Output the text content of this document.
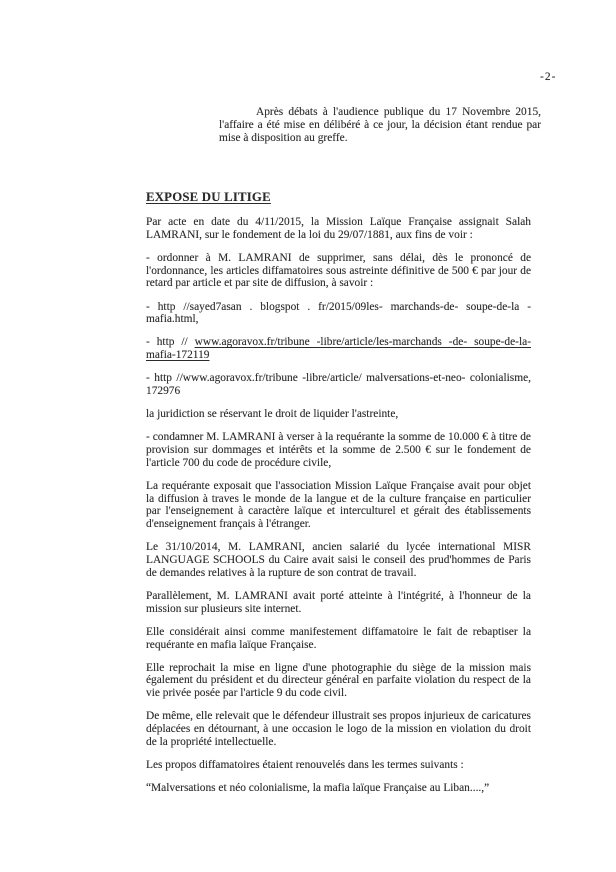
-2-

Après débats à l'audience publique du 17 Novembre 2015, l'affaire a été mise en délibéré à ce jour, la décision étant rendue par mise à disposition au greffe.

EXPOSE DU LITIGE

Par acte en date du 4/11/2015, la Mission Laïque Française assignait Salah LAMRANI, sur le fondement de la loi du 29/07/1881, aux fins de voir :

- ordonner à M. LAMRANI de supprimer, sans délai, dès le prononcé de l'ordonnance, les articles diffamatoires sous astreinte définitive de 500 € par jour de retard par article et par site de diffusion, à savoir :

- http //sayed7asan . blogspot . fr/2015/09les- marchands-de- soupe-de-la - mafia.html,

- http // www.agoravox.fr/tribune -libre/article/les-marchands -de- soupe-de-la- mafia-172119

- http //www.agoravox.fr/tribune -libre/article/ malversations-et-neo- colonialisme, 172976

la juridiction se réservant le droit de liquider l'astreinte,

- condamner M. LAMRANI à verser à la requérante la somme de 10.000 € à titre de provision sur dommages et intérêts et la somme de 2.500 € sur le fondement de l'article 700 du code de procédure civile,

La requérante exposait que l'association Mission Laïque Française avait pour objet la diffusion à traves le monde de la langue et de la culture française en particulier par l'enseignement à caractère laïque et interculturel et gérait des établissements d'enseignement français à l'étranger.

Le 31/10/2014, M. LAMRANI, ancien salarié du lycée international MISR LANGUAGE SCHOOLS du Caire avait saisi le conseil des prud'hommes de Paris de demandes relatives à la rupture de son contrat de travail.

Parallèlement, M. LAMRANI avait porté atteinte à l'intégrité, à l'honneur de la mission sur plusieurs site internet.

Elle considérait ainsi comme manifestement diffamatoire le fait de rebaptiser la requérante en mafia laïque Française.

Elle reprochait la mise en ligne d'une photographie du siège de la mission mais également du président et du directeur général en parfaite violation du respect de la vie privée posée par l'article 9 du code civil.

De même, elle relevait que le défendeur illustrait ses propos injurieux de caricatures déplacées en détournant, à une occasion le logo de la mission en violation du droit de la propriété intellectuelle.

Les propos diffamatoires étaient renouvelés dans les termes suivants :

“Malversations et néo colonialisme, la mafia laïque Française au Liban....,”
